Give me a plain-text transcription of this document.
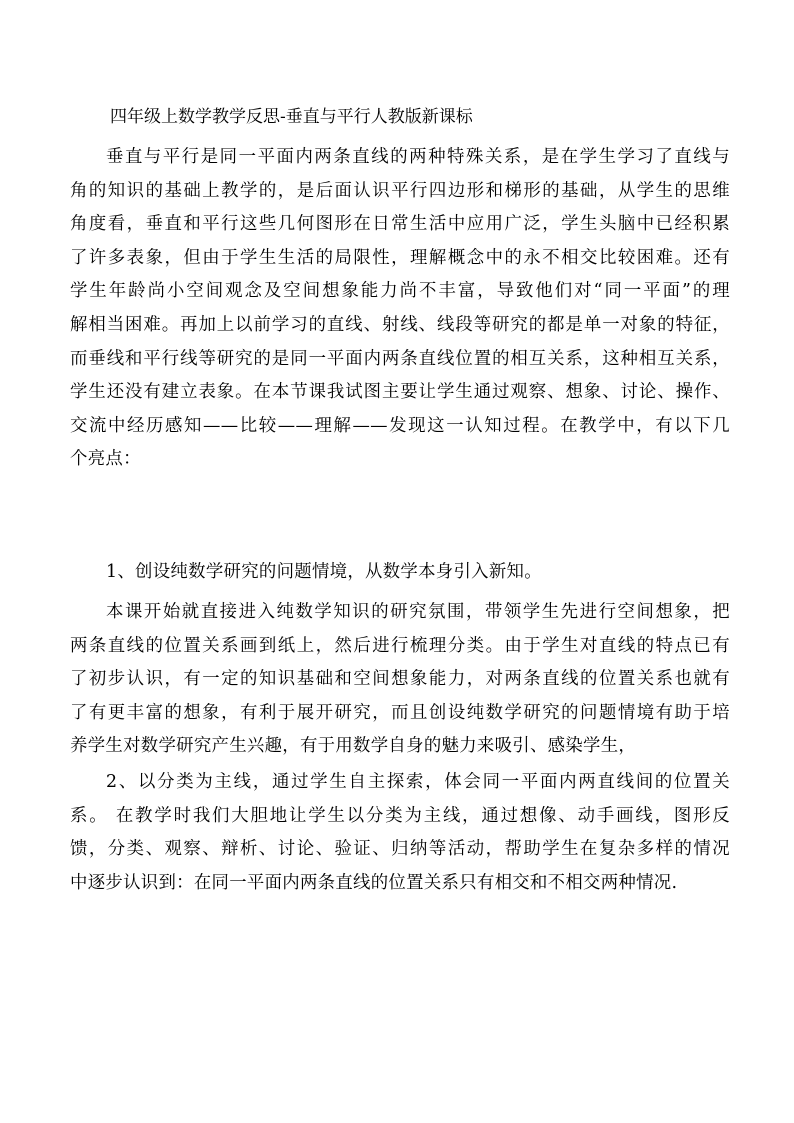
四年级上数学教学反思-垂直与平行人教版新课标
垂直与平行是同一平面内两条直线的两种特殊关系，是在学生学习了直线与
角的知识的基础上教学的，是后面认识平行四边形和梯形的基础，从学生的思维
角度看，垂直和平行这些几何图形在日常生活中应用广泛，学生头脑中已经积累
了许多表象，但由于学生生活的局限性，理解概念中的永不相交比较困难。还有
学生年龄尚小空间观念及空间想象能力尚不丰富，导致他们对“同一平面”的理
解相当困难。再加上以前学习的直线、射线、线段等研究的都是单一对象的特征，
而垂线和平行线等研究的是同一平面内两条直线位置的相互关系，这种相互关系，
学生还没有建立表象。在本节课我试图主要让学生通过观察、想象、讨论、操作、
交流中经历感知——比较——理解——发现这一认知过程。在教学中，有以下几
个亮点：
1、创设纯数学研究的问题情境，从数学本身引入新知。
本课开始就直接进入纯数学知识的研究氛围，带领学生先进行空间想象，把
两条直线的位置关系画到纸上，然后进行梳理分类。由于学生对直线的特点已有
了初步认识，有一定的知识基础和空间想象能力，对两条直线的位置关系也就有
了有更丰富的想象，有利于展开研究，而且创设纯数学研究的问题情境有助于培
养学生对数学研究产生兴趣，有于用数学自身的魅力来吸引、感染学生，
2、以分类为主线，通过学生自主探索，体会同一平面内两直线间的位置关
系。 在教学时我们大胆地让学生以分类为主线，通过想像、动手画线，图形反
馈，分类、观察、辩析、讨论、验证、归纳等活动，帮助学生在复杂多样的情况
中逐步认识到：在同一平面内两条直线的位置关系只有相交和不相交两种情况.
